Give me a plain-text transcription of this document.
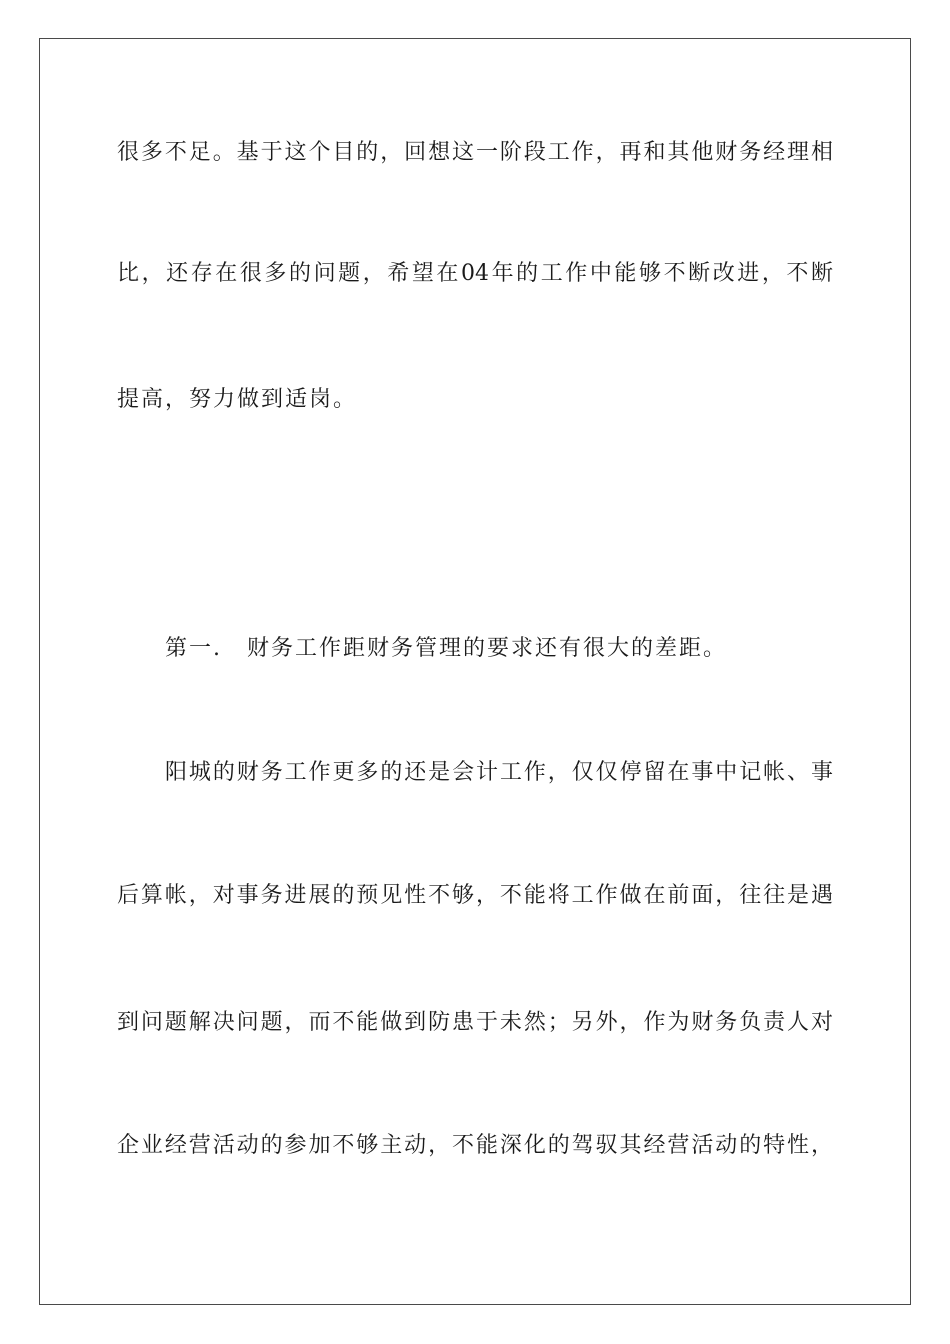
很多不足。基于这个目的，回想这一阶段工作，再和其他财务经理相
比，还存在很多的问题，希望在04年的工作中能够不断改进，不断
提高，努力做到适岗。
第一. 财务工作距财务管理的要求还有很大的差距。
阳城的财务工作更多的还是会计工作，仅仅停留在事中记帐、事
后算帐，对事务进展的预见性不够，不能将工作做在前面，往往是遇
到问题解决问题，而不能做到防患于未然；另外，作为财务负责人对
企业经营活动的参加不够主动，不能深化的驾驭其经营活动的特性，
